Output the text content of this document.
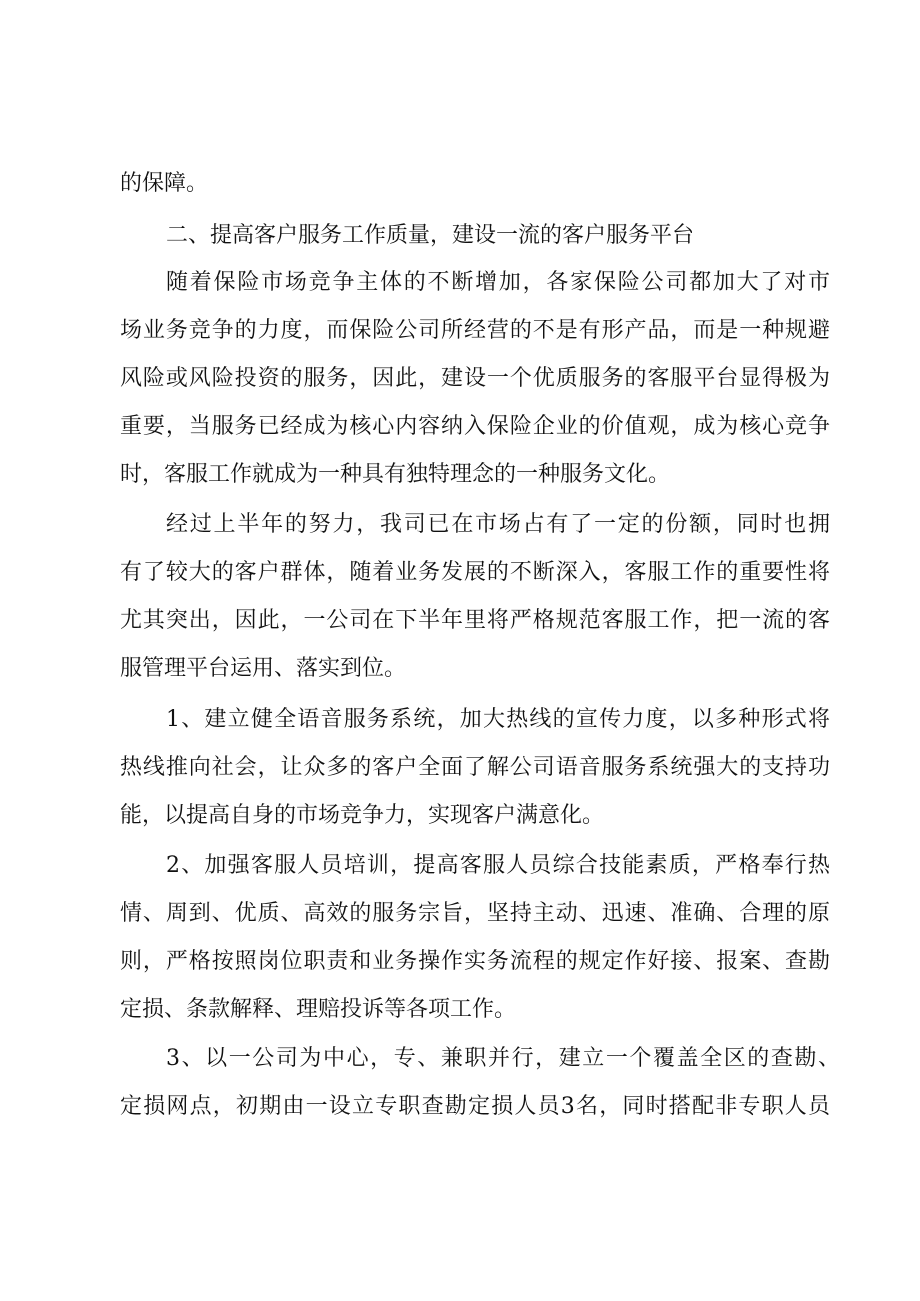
的保障。

二、提高客户服务工作质量，建设一流的客户服务平台

随着保险市场竞争主体的不断增加，各家保险公司都加大了对市

场业务竞争的力度，而保险公司所经营的不是有形产品，而是一种规避

风险或风险投资的服务，因此，建设一个优质服务的客服平台显得极为

重要，当服务已经成为核心内容纳入保险企业的价值观，成为核心竞争

时，客服工作就成为一种具有独特理念的一种服务文化。

经过上半年的努力，我司已在市场占有了一定的份额，同时也拥

有了较大的客户群体，随着业务发展的不断深入，客服工作的重要性将

尤其突出，因此，一公司在下半年里将严格规范客服工作，把一流的客

服管理平台运用、落实到位。

1、建立健全语音服务系统，加大热线的宣传力度，以多种形式将

热线推向社会，让众多的客户全面了解公司语音服务系统强大的支持功

能，以提高自身的市场竞争力，实现客户满意化。

2、加强客服人员培训，提高客服人员综合技能素质，严格奉行热

情、周到、优质、高效的服务宗旨，坚持主动、迅速、准确、合理的原

则，严格按照岗位职责和业务操作实务流程的规定作好接、报案、查勘

定损、条款解释、理赔投诉等各项工作。

3、以一公司为中心，专、兼职并行，建立一个覆盖全区的查勘、

定损网点，初期由一设立专职查勘定损人员3名，同时搭配非专职人员
